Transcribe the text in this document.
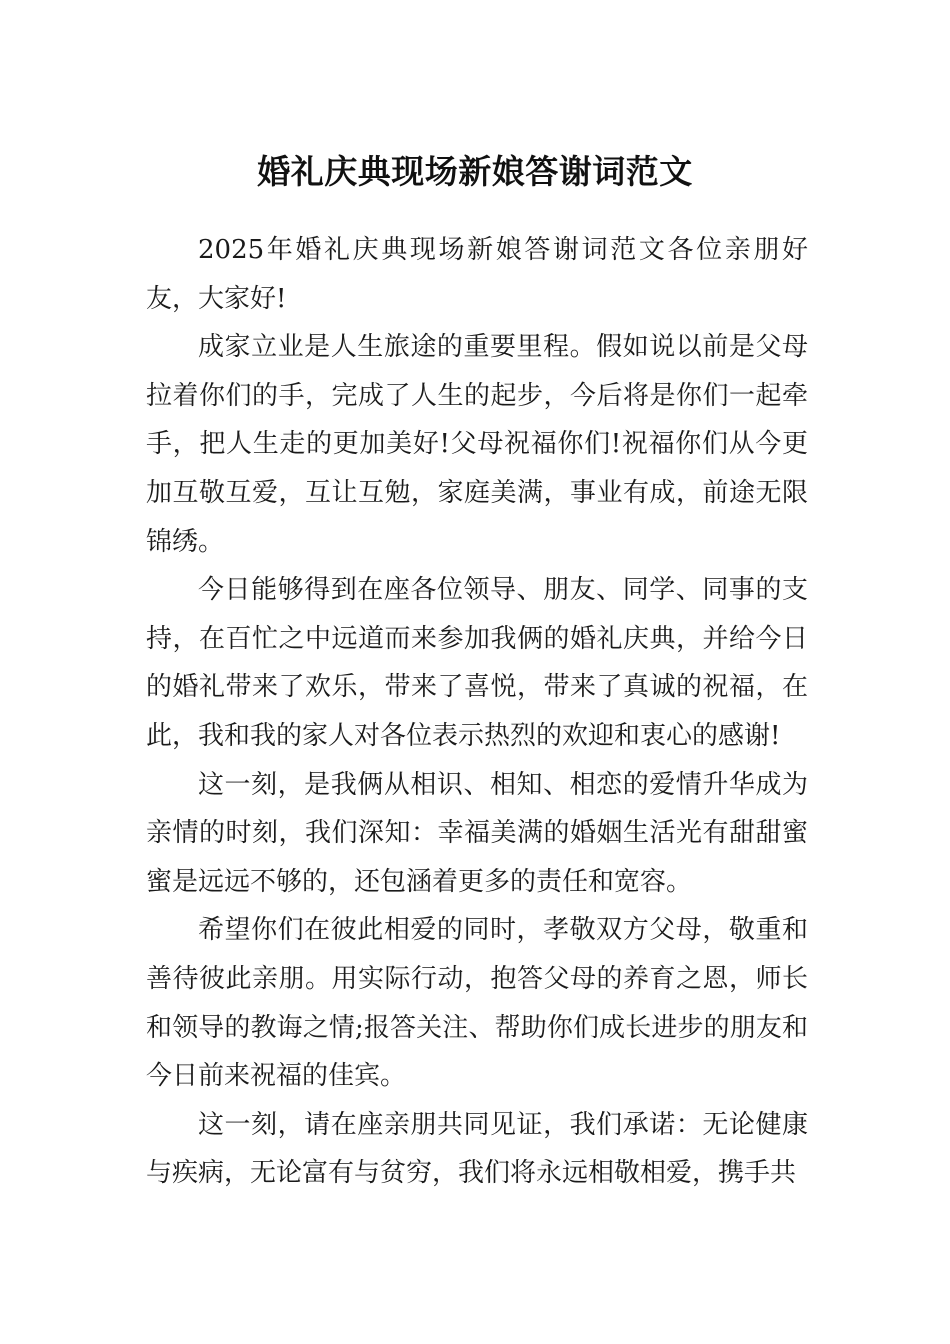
婚礼庆典现场新娘答谢词范文

2025年婚礼庆典现场新娘答谢词范文各位亲朋好友，大家好!

成家立业是人生旅途的重要里程。假如说以前是父母拉着你们的手，完成了人生的起步，今后将是你们一起牵手，把人生走的更加美好!父母祝福你们!祝福你们从今更加互敬互爱，互让互勉，家庭美满，事业有成，前途无限锦绣。

今日能够得到在座各位领导、朋友、同学、同事的支持，在百忙之中远道而来参加我俩的婚礼庆典，并给今日的婚礼带来了欢乐，带来了喜悦，带来了真诚的祝福，在此，我和我的家人对各位表示热烈的欢迎和衷心的感谢!

这一刻，是我俩从相识、相知、相恋的爱情升华成为亲情的时刻，我们深知：幸福美满的婚姻生活光有甜甜蜜蜜是远远不够的，还包涵着更多的责任和宽容。

希望你们在彼此相爱的同时，孝敬双方父母，敬重和善待彼此亲朋。用实际行动，抱答父母的养育之恩，师长和领导的教诲之情;报答关注、帮助你们成长进步的朋友和今日前来祝福的佳宾。

这一刻，请在座亲朋共同见证，我们承诺：无论健康与疾病，无论富有与贫穷，我们将永远相敬相爱，携手共
